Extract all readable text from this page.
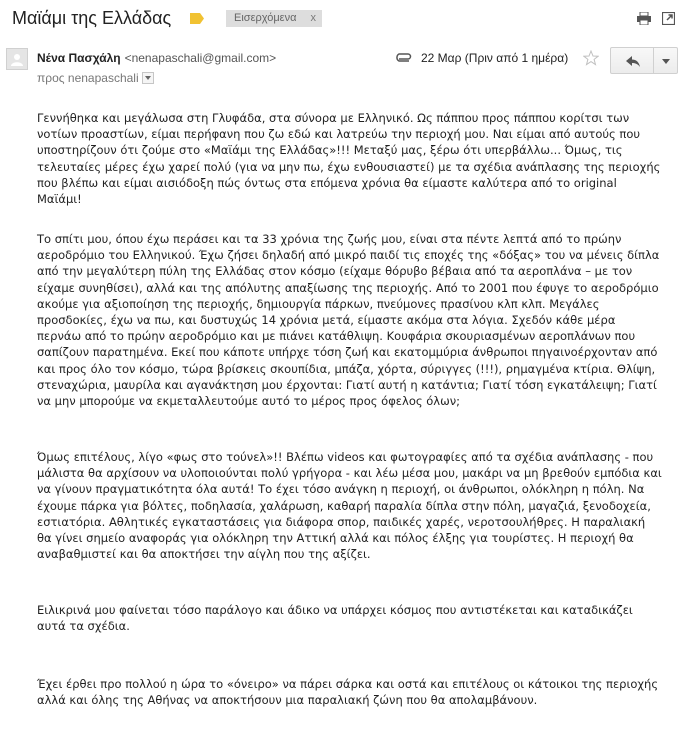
Μαϊάμι της Ελλάδας	Εισερχόμενα x
Νένα Πασχάλη <nenapaschali@gmail.com>
προς nenapaschali
22 Μαρ (Πριν από 1 ημέρα)

Γεννήθηκα και μεγάλωσα στη Γλυφάδα, στα σύνορα με Ελληνικό. Ως πάππου προς πάππου κορίτσι των νοτίων προαστίων, είμαι περήφανη που ζω εδώ και λατρεύω την περιοχή μου. Ναι είμαι από αυτούς που υποστηρίζουν ότι ζούμε στο «Μαϊάμι της Ελλάδας»!!! Μεταξύ μας, ξέρω ότι υπερβάλλω... Όμως, τις τελευταίες μέρες έχω χαρεί πολύ (για να μην πω, έχω ενθουσιαστεί) με τα σχέδια ανάπλασης της περιοχής που βλέπω και είμαι αισιόδοξη πώς όντως στα επόμενα χρόνια θα είμαστε καλύτερα από το original Μαϊάμι!

Το σπίτι μου, όπου έχω περάσει και τα 33 χρόνια της ζωής μου, είναι στα πέντε λεπτά από το πρώην αεροδρόμιο του Ελληνικού. Έχω ζήσει δηλαδή από μικρό παιδί τις εποχές της «δόξας» του να μένεις δίπλα από την μεγαλύτερη πύλη της Ελλάδας στον κόσμο (είχαμε θόρυβο βέβαια από τα αεροπλάνα – με τον είχαμε συνηθίσει), αλλά και της απόλυτης απαξίωσης της περιοχής. Από το 2001 που έφυγε το αεροδρόμιο ακούμε για αξιοποίηση της περιοχής, δημιουργία πάρκων, πνεύμονες πρασίνου κλπ κλπ. Μεγάλες προσδοκίες, έχω να πω, και δυστυχώς 14 χρόνια μετά, είμαστε ακόμα στα λόγια. Σχεδόν κάθε μέρα περνάω από το πρώην αεροδρόμιο και με πιάνει κατάθλιψη. Κουφάρια σκουριασμένων αεροπλάνων που σαπίζουν παρατημένα. Εκεί που κάποτε υπήρχε τόση ζωή και εκατομμύρια άνθρωποι πηγαινοέρχονταν από και προς όλο τον κόσμο, τώρα βρίσκεις σκουπίδια, μπάζα, χόρτα, σύριγγες (!!!), ρημαγμένα κτίρια. Θλίψη, στεναχώρια, μαυρίλα και αγανάκτηση μου έρχονται: Γιατί αυτή η κατάντια; Γιατί τόση εγκατάλειψη; Γιατί να μην μπορούμε να εκμεταλλευτούμε αυτό το μέρος προς όφελος όλων;

Όμως επιτέλους, λίγο «φως στο τούνελ»!! Βλέπω videos και φωτογραφίες από τα σχέδια ανάπλασης - που μάλιστα θα αρχίσουν να υλοποιούνται πολύ γρήγορα - και λέω μέσα μου, μακάρι να μη βρεθούν εμπόδια και να γίνουν πραγματικότητα όλα αυτά! Το έχει τόσο ανάγκη η περιοχή, οι άνθρωποι, ολόκληρη η πόλη. Να έχουμε πάρκα για βόλτες, ποδηλασία, χαλάρωση, καθαρή παραλία δίπλα στην πόλη, μαγαζιά, ξενοδοχεία, εστιατόρια. Αθλητικές εγκαταστάσεις για διάφορα σπορ, παιδικές χαρές, νεροτσουλήθρες. Η παραλιακή θα γίνει σημείο αναφοράς για ολόκληρη την Αττική αλλά και πόλος έλξης για τουρίστες. Η περιοχή θα αναβαθμιστεί και θα αποκτήσει την αίγλη που της αξίζει.

Ειλικρινά μου φαίνεται τόσο παράλογο και άδικο να υπάρχει κόσμος που αντιστέκεται και καταδικάζει αυτά τα σχέδια.

Έχει έρθει προ πολλού η ώρα το «όνειρο» να πάρει σάρκα και οστά και επιτέλους οι κάτοικοι της περιοχής αλλά και όλης της Αθήνας να αποκτήσουν μια παραλιακή ζώνη που θα απολαμβάνουν.
